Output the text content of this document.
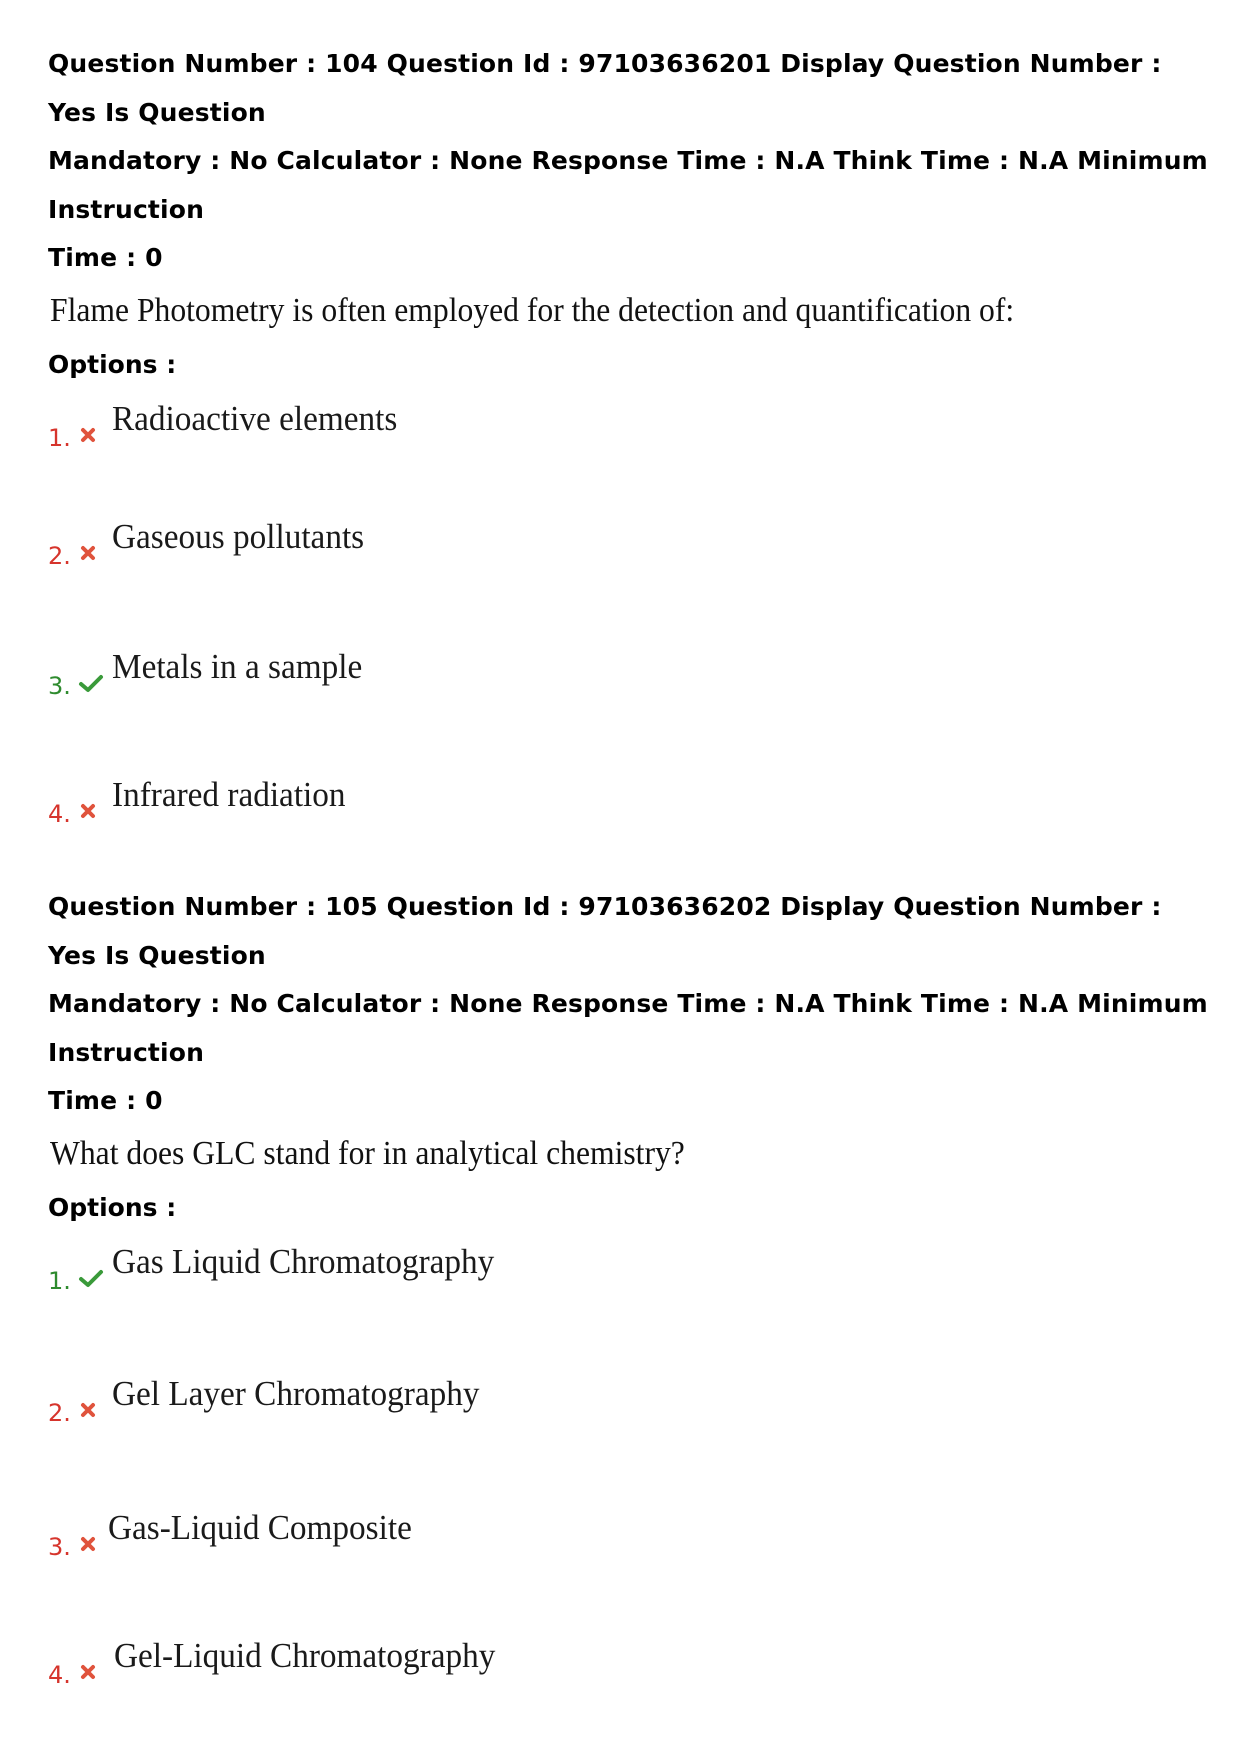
Question Number : 104 Question Id : 97103636201 Display Question Number : Yes Is Question
Mandatory : No Calculator : None Response Time : N.A Think Time : N.A Minimum Instruction
Time : 0

Flame Photometry is often employed for the detection and quantification of:
Options :
1. Radioactive elements
2. Gaseous pollutants
3. Metals in a sample
4. Infrared radiation

Question Number : 105 Question Id : 97103636202 Display Question Number : Yes Is Question
Mandatory : No Calculator : None Response Time : N.A Think Time : N.A Minimum Instruction
Time : 0

What does GLC stand for in analytical chemistry?
Options :
1. Gas Liquid Chromatography
2. Gel Layer Chromatography
3. Gas-Liquid Composite
4. Gel-Liquid Chromatography
